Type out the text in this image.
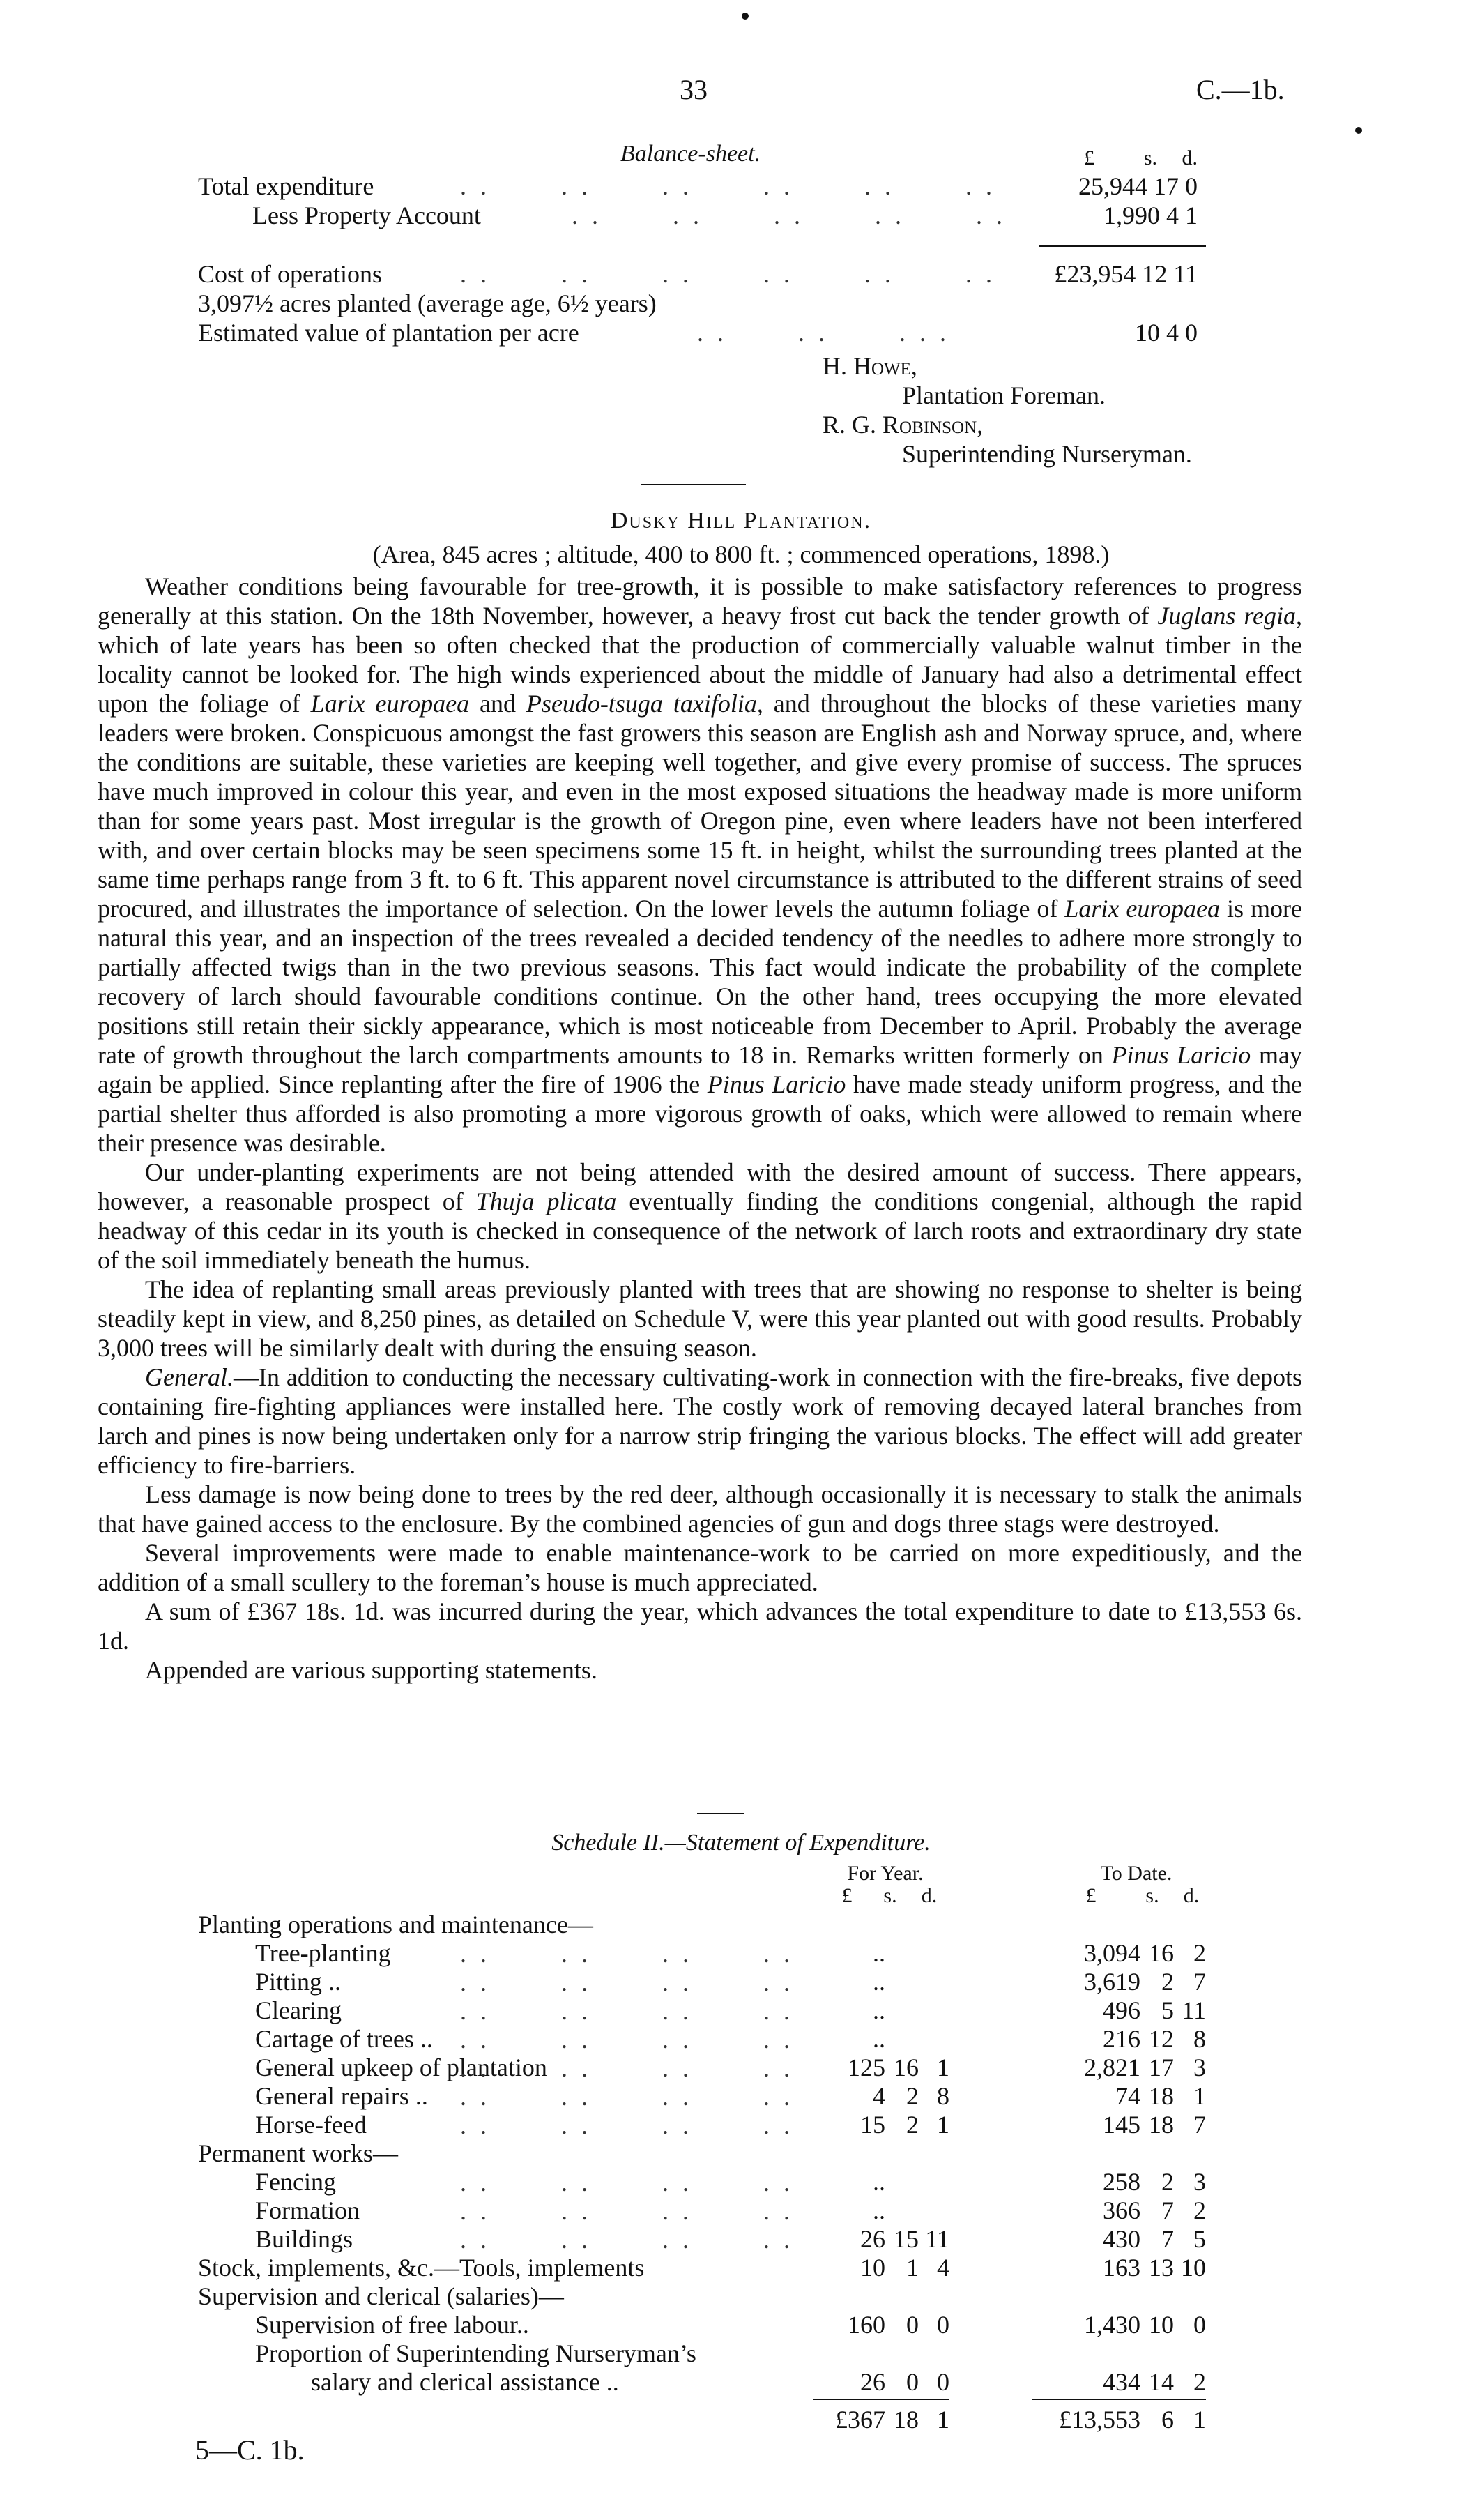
33	C.—1b.
Balance-sheet.	£	s.	d.
Total expenditure	..   ..   ..   ..   ..   ..	25,944 17 0
Less Property Account	..   ..   ..   ..   ..	1,990 4 1
Cost of operations	..   ..   ..   ..   ..   ..	£23,954 12 11
3,097½ acres planted (average age, 6½ years)
Estimated value of plantation per acre	..   ..   ...	10 4 0
H. Howe,
Plantation Foreman.
R. G. Robinson,
Superintending Nurseryman.
Dusky Hill Plantation.
(Area, 845 acres ; altitude, 400 to 800 ft. ; commenced operations, 1898.)

Weather conditions being favourable for tree-growth, it is possible to make satisfactory references to progress generally at this station. On the 18th November, however, a heavy frost cut back the tender growth of Juglans regia, which of late years has been so often checked that the production of commercially valuable walnut timber in the locality cannot be looked for. The high winds experienced about the middle of January had also a detrimental effect upon the foliage of Larix europaea and Pseudo-tsuga taxifolia, and throughout the blocks of these varieties many leaders were broken. Conspicuous amongst the fast growers this season are English ash and Norway spruce, and, where the conditions are suitable, these varieties are keeping well together, and give every promise of success. The spruces have much improved in colour this year, and even in the most exposed situations the headway made is more uniform than for some years past. Most irregular is the growth of Oregon pine, even where leaders have not been interfered with, and over certain blocks may be seen specimens some 15 ft. in height, whilst the surrounding trees planted at the same time perhaps range from 3 ft. to 6 ft. This apparent novel circumstance is attributed to the different strains of seed procured, and illustrates the importance of selection. On the lower levels the autumn foliage of Larix europaea is more natural this year, and an inspection of the trees revealed a decided tendency of the needles to adhere more strongly to partially affected twigs than in the two previous seasons. This fact would indicate the probability of the complete recovery of larch should favourable conditions continue. On the other hand, trees occupying the more elevated positions still retain their sickly appearance, which is most noticeable from December to April. Probably the average rate of growth throughout the larch compartments amounts to 18 in. Remarks written formerly on Pinus Laricio may again be applied. Since replanting after the fire of 1906 the Pinus Laricio have made steady uniform progress, and the partial shelter thus afforded is also promoting a more vigorous growth of oaks, which were allowed to remain where their presence was desirable.

Our under-planting experiments are not being attended with the desired amount of success. There appears, however, a reasonable prospect of Thuja plicata eventually finding the conditions congenial, although the rapid headway of this cedar in its youth is checked in consequence of the network of larch roots and extraordinary dry state of the soil immediately beneath the humus.

The idea of replanting small areas previously planted with trees that are showing no response to shelter is being steadily kept in view, and 8,250 pines, as detailed on Schedule V, were this year planted out with good results. Probably 3,000 trees will be similarly dealt with during the ensuing season.

General.—In addition to conducting the necessary cultivating-work in connection with the fire-breaks, five depots containing fire-fighting appliances were installed here. The costly work of removing decayed lateral branches from larch and pines is now being undertaken only for a narrow strip fringing the various blocks. The effect will add greater efficiency to fire-barriers.

Less damage is now being done to trees by the red deer, although occasionally it is necessary to stalk the animals that have gained access to the enclosure. By the combined agencies of gun and dogs three stags were destroyed.

Several improvements were made to enable maintenance-work to be carried on more expeditiously, and the addition of a small scullery to the foreman’s house is much appreciated.

A sum of £367 18s. 1d. was incurred during the year, which advances the total expenditure to date to £13,553 6s. 1d.

Appended are various supporting statements.

Schedule II.—Statement of Expenditure.
For Year.	To Date.
£ s. d.	£ s. d.
Planting operations and maintenance—
Tree-planting	..   ..   ..   ..	..	3,094 16 2
Pitting ..	..   ..   ..   ..	..	3,619 2 7
Clearing	..   ..   ..   ..	..	496 5 11
Cartage of trees .. ..   ..   ..   ..	..	216 12 8
General upkeep of plantation
..   ..   ..   ..	125 16 1	2,821 17 3
General repairs .. ..   ..   ..   ..	4 2 8	74 18 1
Horse-feed	..   ..   ..   ..	15 2 1	145 18 7
Permanent works—
Fencing	..   ..   ..   ..	..	258 2 3
Formation	..   ..   ..   ..	..	366 7 2
Buildings	..   ..   ..   ..	26 15 11	430 7 5
Stock, implements, &c.—Tools, implements	10 1 4	163 13 10
Supervision and clerical (salaries)—
Supervision of free labour..	160 0 0	1,430 10 0
Proportion of Superintending Nurseryman’s
salary and clerical assistance ..	26 0 0	434 14 2
£367 18 1	£13,553 6 1
5—C. 1b.
